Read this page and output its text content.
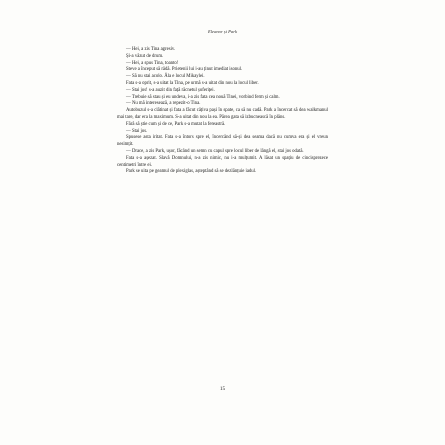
Eleanor și Park

— Hei, a zis Tina agresiv.

Și-a văzut de drum.

— Hei, a spus Tina, toanto!

Steve a început să râdă. Prietenii lui i-au ținut imediat isonul.

— Să nu stai acolo. Ăla e locul Mikaylei.

Fata s-a oprit, s-a uitat la Tina, pe urmă s-a uitat din nou la locul liber.

— Stai jos! s-a auzit din față răcnetul șoferiței.

— Trebuie să stau și eu undeva, i-a zis fata cea nouă Tinei, vorbind ferm și calm.

— Nu mă interesează, a repezit-o Tina.

Autobuzul s-a clătinat și fata a făcut câțiva pași în spate, ca să nu cadă. Park a încercat să dea walkmanul mai tare, dar era la maximum. S-a uitat din nou la ea. Părea gata să izbucnească în plâns.

Fără să știe cum și de ce, Park s-a mutat la fereastră.

— Stai jos.

Spusese asta iritat. Fata s-a întors spre el, încercând să-și dea seama dacă nu cumva era și el vreun nesimțit.

— Drace, a zis Park, ușor, făcând un semn cu capul spre locul liber de lângă el, stai jos odată.

Fata s-a așezat. Slavă Domnului, n-a zis nimic, nu i-a mulțumit. A lăsat un spațiu de cincisprezece centimetri între ei.

Park se uita pe geamul de plexiglas, așteptând să se dezlănțuie iadul.

15
